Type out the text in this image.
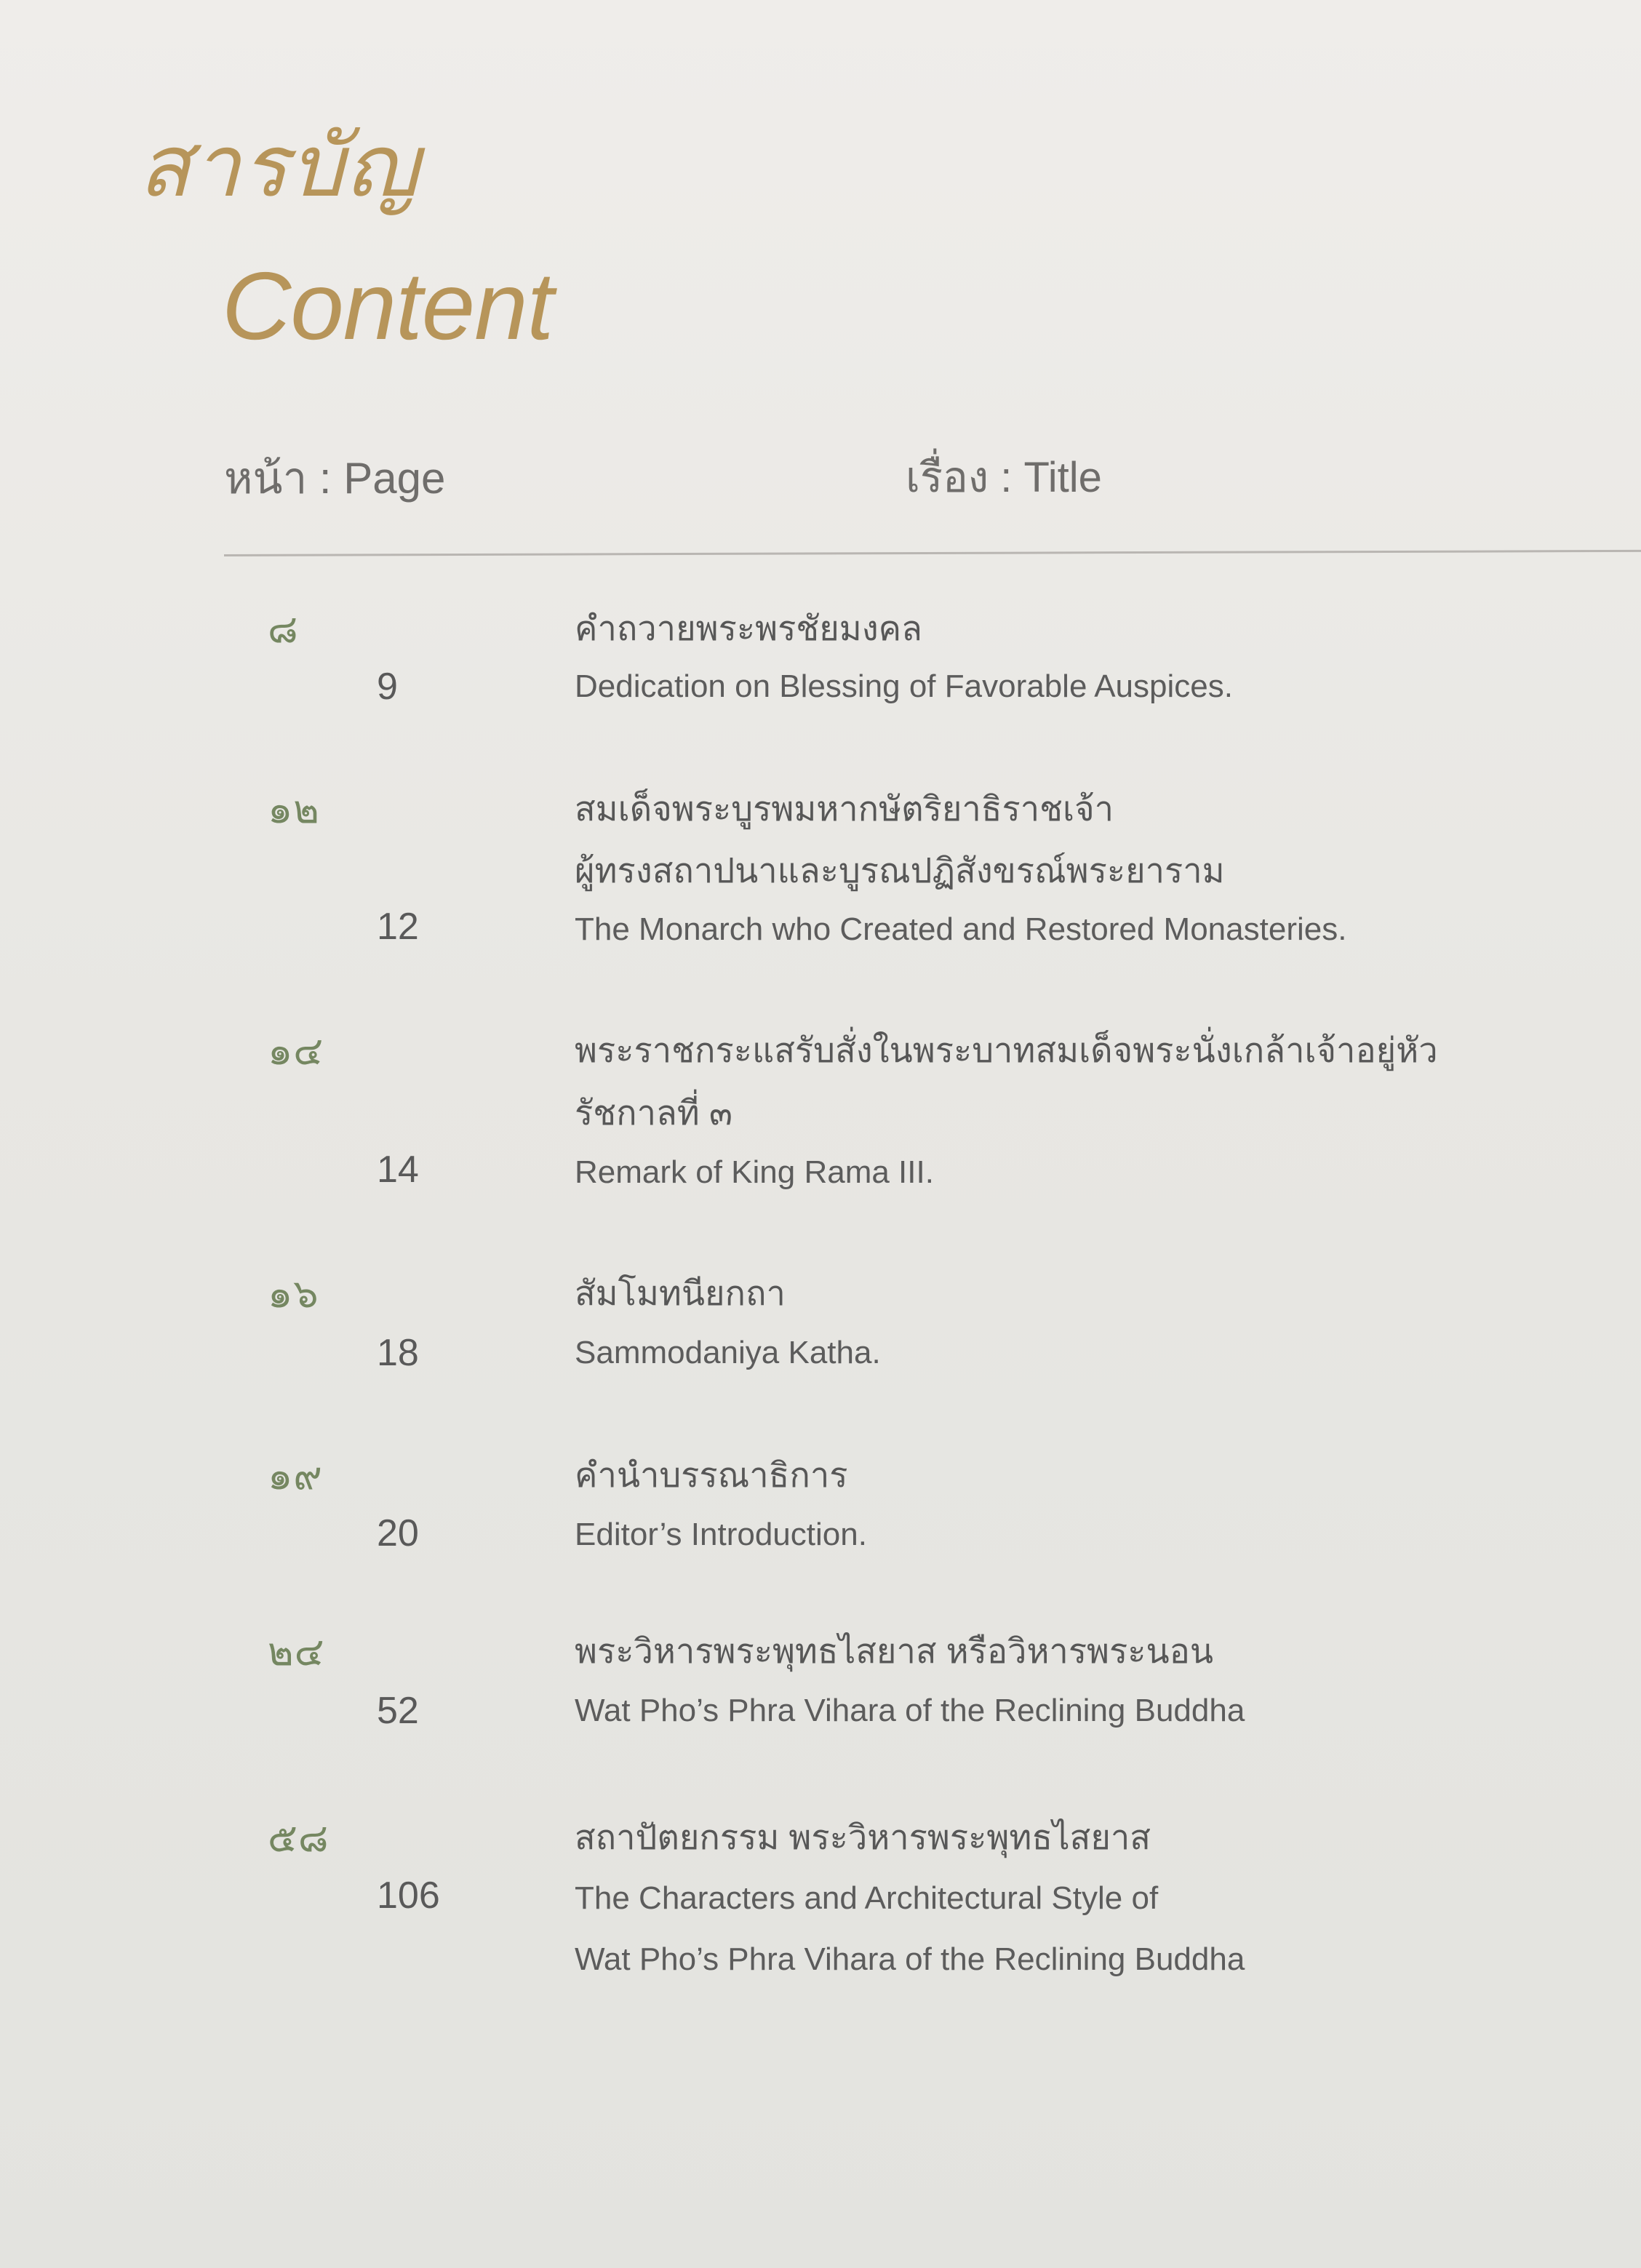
สารบัญ
Content
หน้า : Page	เรื่อง : Title
๘
9
คำถวายพระพรชัยมงคล
Dedication on Blessing of Favorable Auspices.
๑๒
12
สมเด็จพระบูรพมหากษัตริยาธิราชเจ้า
ผู้ทรงสถาปนาและบูรณปฏิสังขรณ์พระยาราม
The Monarch who Created and Restored Monasteries.
๑๔
14
พระราชกระแสรับสั่งในพระบาทสมเด็จพระนั่งเกล้าเจ้าอยู่หัว
รัชกาลที่ ๓
Remark of King Rama III.
๑๖
18
สัมโมทนียกถา
Sammodaniya Katha.
๑๙
20
คำนำบรรณาธิการ
Editor’s Introduction.
๒๔
52
พระวิหารพระพุทธไสยาส หรือวิหารพระนอน
Wat Pho’s Phra Vihara of the Reclining Buddha
๕๘
106
สถาปัตยกรรม พระวิหารพระพุทธไสยาส
The Characters and Architectural Style of
Wat Pho’s Phra Vihara of the Reclining Buddha
